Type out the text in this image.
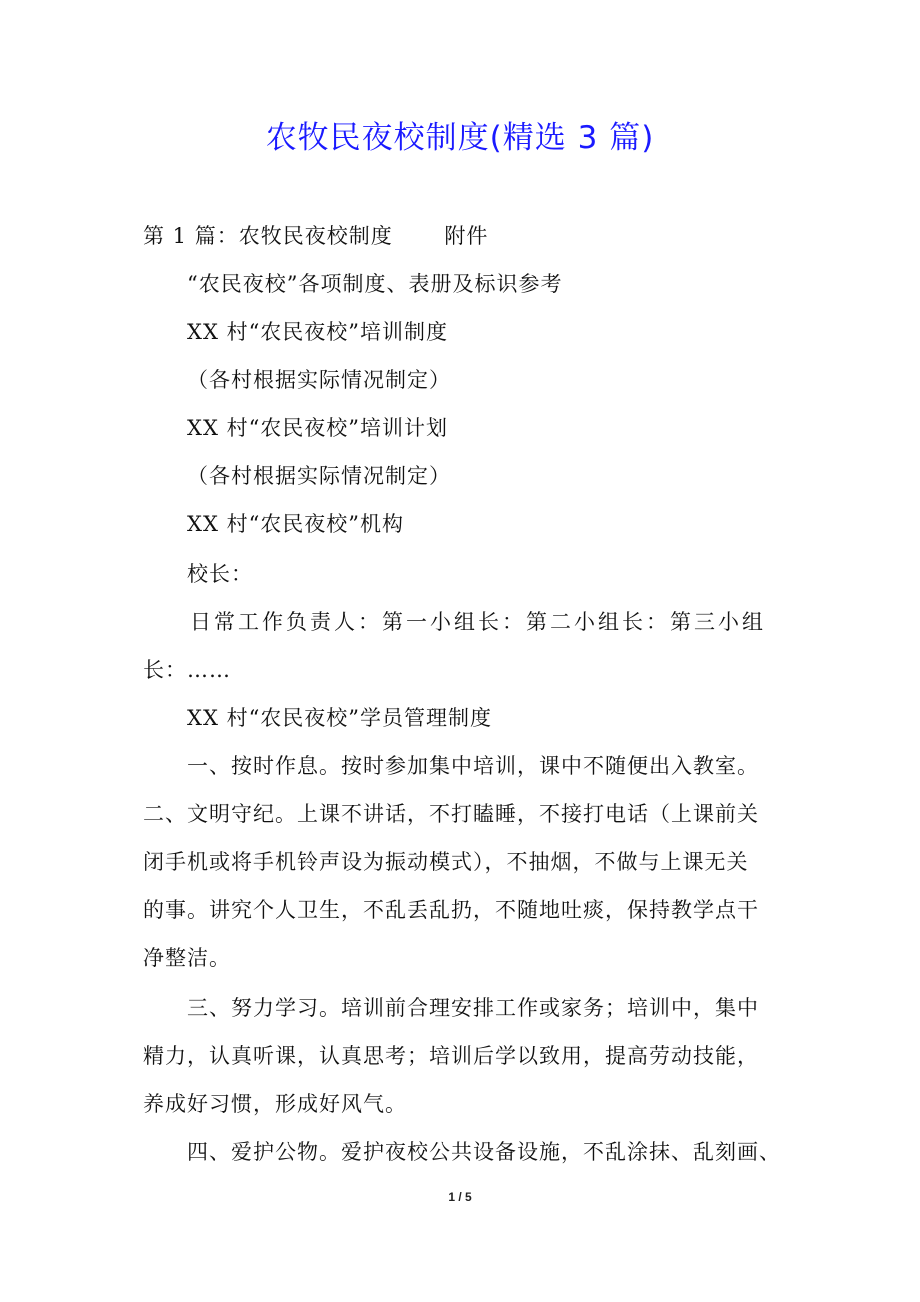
农牧民夜校制度(精选 3 篇)
第 1 篇：农牧民夜校制度　　 附件
“农民夜校”各项制度、表册及标识参考
XX 村“农民夜校”培训制度
（各村根据实际情况制定）
XX 村“农民夜校”培训计划
（各村根据实际情况制定）
XX 村“农民夜校”机构
校长：
日常工作负责人：第一小组长：第二小组长：第三小组
长：……
XX 村“农民夜校”学员管理制度
一、按时作息。按时参加集中培训，课中不随便出入教室。
二、文明守纪。上课不讲话，不打瞌睡，不接打电话（上课前关
闭手机或将手机铃声设为振动模式），不抽烟，不做与上课无关
的事。讲究个人卫生，不乱丢乱扔，不随地吐痰，保持教学点干
净整洁。
三、努力学习。培训前合理安排工作或家务；培训中，集中
精力，认真听课，认真思考；培训后学以致用，提高劳动技能，
养成好习惯，形成好风气。
四、爱护公物。爱护夜校公共设备设施，不乱涂抹、乱刻画、
1 / 5
